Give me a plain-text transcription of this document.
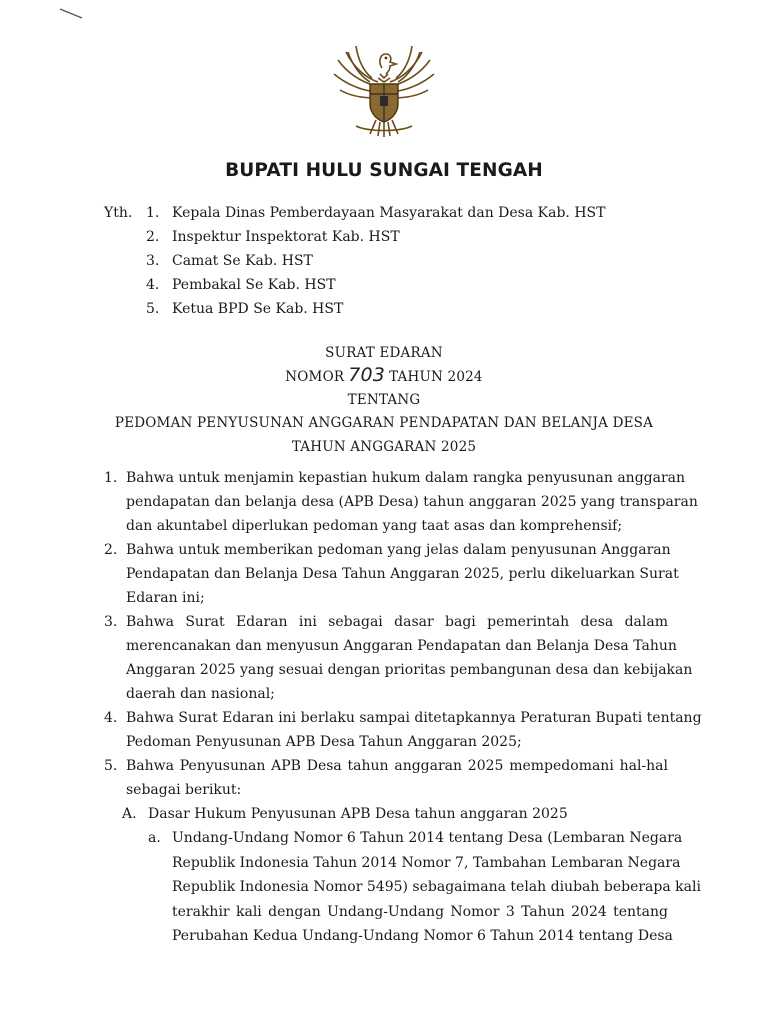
BUPATI HULU SUNGAI TENGAH
Yth. 1. Kepala Dinas Pemberdayaan Masyarakat dan Desa Kab. HST
2. Inspektur Inspektorat Kab. HST
3. Camat Se Kab. HST
4. Pembakal Se Kab. HST
5. Ketua BPD Se Kab. HST
SURAT EDARAN
NOMOR 703 TAHUN 2024
TENTANG
PEDOMAN PENYUSUNAN ANGGARAN PENDAPATAN DAN BELANJA DESA
TAHUN ANGGARAN 2025
1. Bahwa untuk menjamin kepastian hukum dalam rangka penyusunan anggaran
pendapatan dan belanja desa (APB Desa) tahun anggaran 2025 yang transparan
dan akuntabel diperlukan pedoman yang taat asas dan komprehensif;
2. Bahwa untuk memberikan pedoman yang jelas dalam penyusunan Anggaran
Pendapatan dan Belanja Desa Tahun Anggaran 2025, perlu dikeluarkan Surat
Edaran ini;
3. Bahwa Surat Edaran ini sebagai dasar bagi pemerintah desa dalam
merencanakan dan menyusun Anggaran Pendapatan dan Belanja Desa Tahun
Anggaran 2025 yang sesuai dengan prioritas pembangunan desa dan kebijakan
daerah dan nasional;
4. Bahwa Surat Edaran ini berlaku sampai ditetapkannya Peraturan Bupati tentang
Pedoman Penyusunan APB Desa Tahun Anggaran 2025;
5. Bahwa Penyusunan APB Desa tahun anggaran 2025 mempedomani hal-hal
sebagai berikut:
A. Dasar Hukum Penyusunan APB Desa tahun anggaran 2025
a. Undang-Undang Nomor 6 Tahun 2014 tentang Desa (Lembaran Negara
Republik Indonesia Tahun 2014 Nomor 7, Tambahan Lembaran Negara
Republik Indonesia Nomor 5495) sebagaimana telah diubah beberapa kali
terakhir kali dengan Undang-Undang Nomor 3 Tahun 2024 tentang
Perubahan Kedua Undang-Undang Nomor 6 Tahun 2014 tentang Desa
